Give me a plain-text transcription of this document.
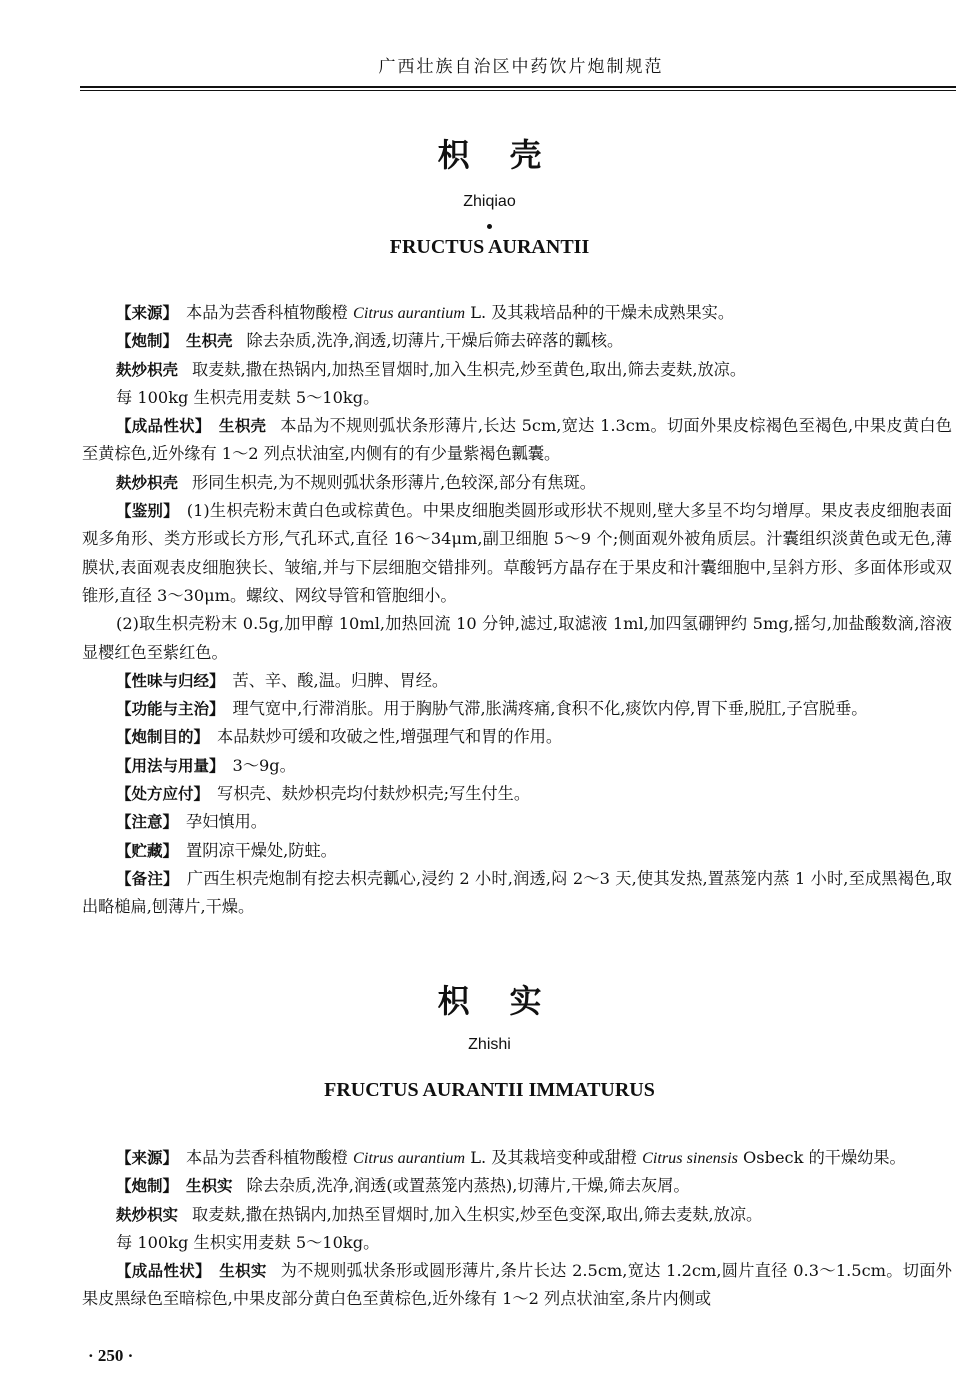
广西壮族自治区中药饮片炮制规范
枳壳
Zhiqiao
FRUCTUS AURANTII

【来源】 本品为芸香科植物酸橙 Citrus aurantium L. 及其栽培品种的干燥未成熟果实。

【炮制】 生枳壳 除去杂质,洗净,润透,切薄片,干燥后筛去碎落的瓤核。

麸炒枳壳 取麦麸,撒在热锅内,加热至冒烟时,加入生枳壳,炒至黄色,取出,筛去麦麸,放凉。

每 100kg 生枳壳用麦麸 5～10kg。

【成品性状】 生枳壳 本品为不规则弧状条形薄片,长达 5cm,宽达 1.3cm。切面外果皮棕褐色至褐色,中果皮黄白色至黄棕色,近外缘有 1～2 列点状油室,内侧有的有少量紫褐色瓤囊。

麸炒枳壳 形同生枳壳,为不规则弧状条形薄片,色较深,部分有焦斑。

【鉴别】 (1)生枳壳粉末黄白色或棕黄色。中果皮细胞类圆形或形状不规则,壁大多呈不均匀增厚。果皮表皮细胞表面观多角形、类方形或长方形,气孔环式,直径 16～34μm,副卫细胞 5～9 个;侧面观外被角质层。汁囊组织淡黄色或无色,薄膜状,表面观表皮细胞狭长、皱缩,并与下层细胞交错排列。草酸钙方晶存在于果皮和汁囊细胞中,呈斜方形、多面体形或双锥形,直径 3～30μm。螺纹、网纹导管和管胞细小。

(2)取生枳壳粉末 0.5g,加甲醇 10ml,加热回流 10 分钟,滤过,取滤液 1ml,加四氢硼钾约 5mg,摇匀,加盐酸数滴,溶液显樱红色至紫红色。

【性味与归经】 苦、辛、酸,温。归脾、胃经。

【功能与主治】 理气宽中,行滞消胀。用于胸胁气滞,胀满疼痛,食积不化,痰饮内停,胃下垂,脱肛,子宫脱垂。

【炮制目的】 本品麸炒可缓和攻破之性,增强理气和胃的作用。

【用法与用量】 3～9g。

【处方应付】 写枳壳、麸炒枳壳均付麸炒枳壳;写生付生。

【注意】 孕妇慎用。

【贮藏】 置阴凉干燥处,防蛀。

【备注】 广西生枳壳炮制有挖去枳壳瓤心,浸约 2 小时,润透,闷 2～3 天,使其发热,置蒸笼内蒸 1 小时,至成黑褐色,取出略槌扁,刨薄片,干燥。

枳实
Zhishi
FRUCTUS AURANTII IMMATURUS

【来源】 本品为芸香科植物酸橙 Citrus aurantium L. 及其栽培变种或甜橙 Citrus sinensis Osbeck 的干燥幼果。

【炮制】 生枳实 除去杂质,洗净,润透(或置蒸笼内蒸热),切薄片,干燥,筛去灰屑。

麸炒枳实 取麦麸,撒在热锅内,加热至冒烟时,加入生枳实,炒至色变深,取出,筛去麦麸,放凉。

每 100kg 生枳实用麦麸 5～10kg。

【成品性状】 生枳实 为不规则弧状条形或圆形薄片,条片长达 2.5cm,宽达 1.2cm,圆片直径 0.3～1.5cm。切面外果皮黑绿色至暗棕色,中果皮部分黄白色至黄棕色,近外缘有 1～2 列点状油室,条片内侧或

· 250 ·
